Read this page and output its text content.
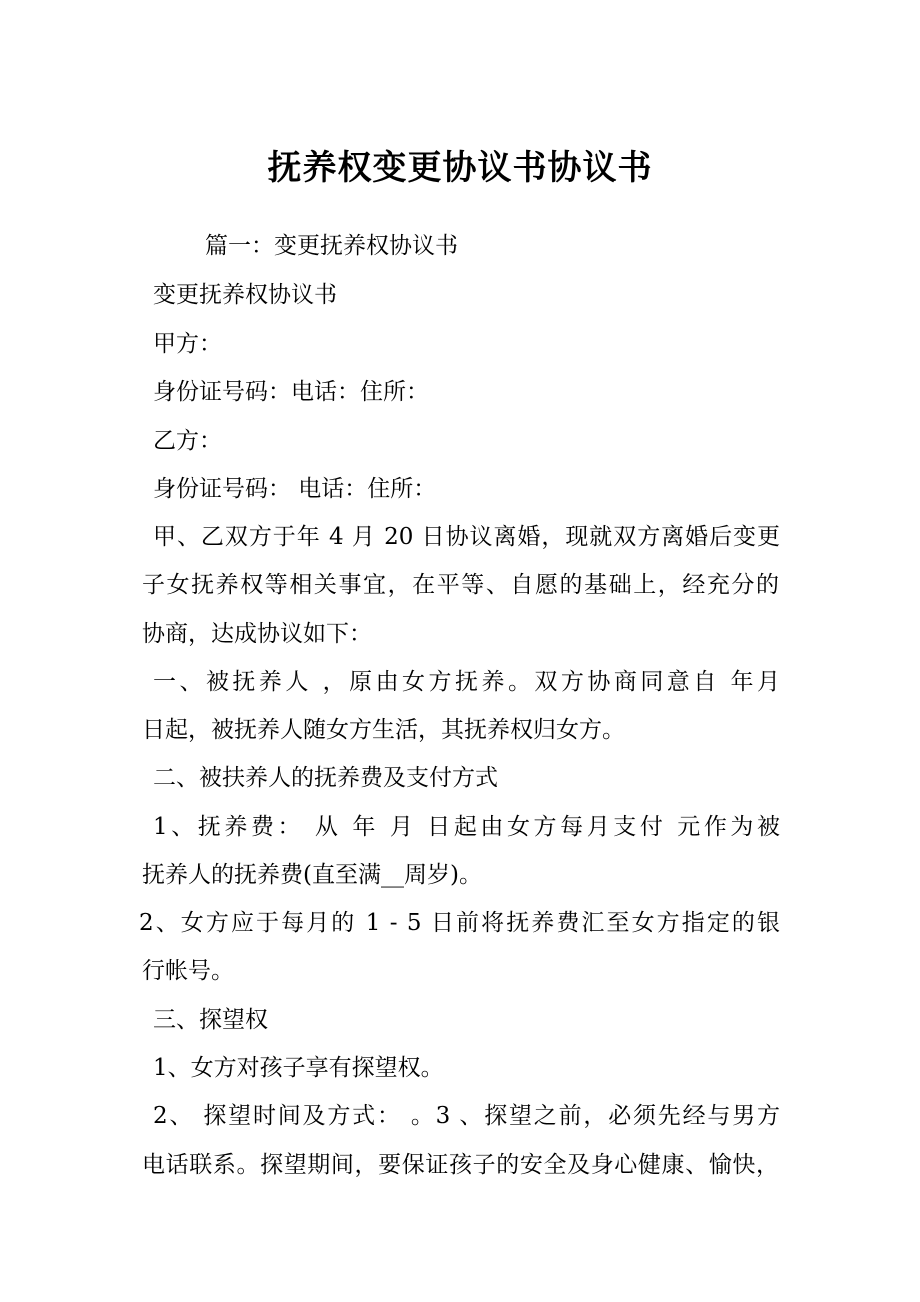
抚养权变更协议书协议书
篇一：变更抚养权协议书
变更抚养权协议书
甲方：
身份证号码：电话：住所：
乙方：
身份证号码： 电话：住所：
甲、乙双方于年 4 月 20 日协议离婚，现就双方离婚后变更
子女抚养权等相关事宜，在平等、自愿的基础上，经充分的
协商，达成协议如下：
一、被抚养人 ，原由女方抚养。双方协商同意自 年月
日起，被抚养人随女方生活，其抚养权归女方。
二、被扶养人的抚养费及支付方式
1、抚养费： 从 年 月 日起由女方每月支付 元作为被
抚养人的抚养费(直至满__周岁)。
2、女方应于每月的 1 - 5 日前将抚养费汇至女方指定的银
行帐号。
三、探望权
1、女方对孩子享有探望权。
2、 探望时间及方式： 。3 、探望之前，必须先经与男方
电话联系。探望期间，要保证孩子的安全及身心健康、愉快，
